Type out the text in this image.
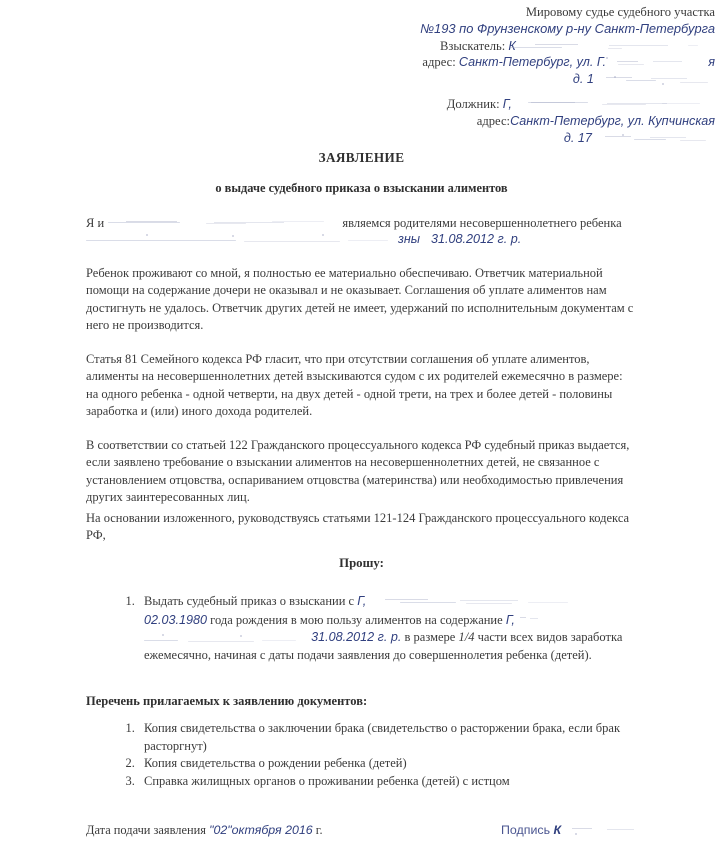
Мировому судье судебного участка
№193 по Фрунзенскому р-ну Санкт-Петербурга
Взыскатель: К
адрес: Санкт-Петербург, ул. Г.	я
д. 1
Должник: Г,
адрес:Санкт-Петербург, ул. Купчинская
д. 17
ЗАЯВЛЕНИЕ
о выдаче судебного приказа о взыскании алиментов
Я и	являемся родителями несовершеннолетнего ребенка
зны 31.08.2012 г. р.

Ребенок проживают со мной, я полностью ее материально обеспечиваю. Ответчик материальной помощи на содержание дочери не оказывал и не оказывает. Соглашения об уплате алиментов нам достигнуть не удалось. Ответчик других детей не имеет, удержаний по исполнительным документам с него не производится.

Статья 81 Семейного кодекса РФ гласит, что при отсутствии соглашения об уплате алиментов, алименты на несовершеннолетних детей взыскиваются судом с их родителей ежемесячно в размере: на одного ребенка - одной четверти, на двух детей - одной трети, на трех и более детей - половины заработка и (или) иного дохода родителей.

В соответствии со статьей 122 Гражданского процессуального кодекса РФ судебный приказ выдается, если заявлено требование о взыскании алиментов на несовершеннолетних детей, не связанное с установлением отцовства, оспариванием отцовства (материнства) или необходимостью привлечения других заинтересованных лиц.

На основании изложенного, руководствуясь статьями 121-124 Гражданского процессуального кодекса РФ,

Прошу:
1. Выдать судебный приказ о взыскании с Г,

02.03.1980 года рождения в мою пользу алиментов на содержание Г,

31.08.2012 г. р. в размере 1/4 части всех видов заработка ежемесячно, начиная с даты подачи заявления до совершеннолетия ребенка (детей).
Перечень прилагаемых к заявлению документов:
1. Копия свидетельства о заключении брака (свидетельство о расторжении брака, если брак расторгнут)
2. Копия свидетельства о рождении ребенка (детей)
3. Справка жилищных органов о проживании ребенка (детей) с истцом
Дата подачи заявления "02"октября 2016 г.	Подпись К
